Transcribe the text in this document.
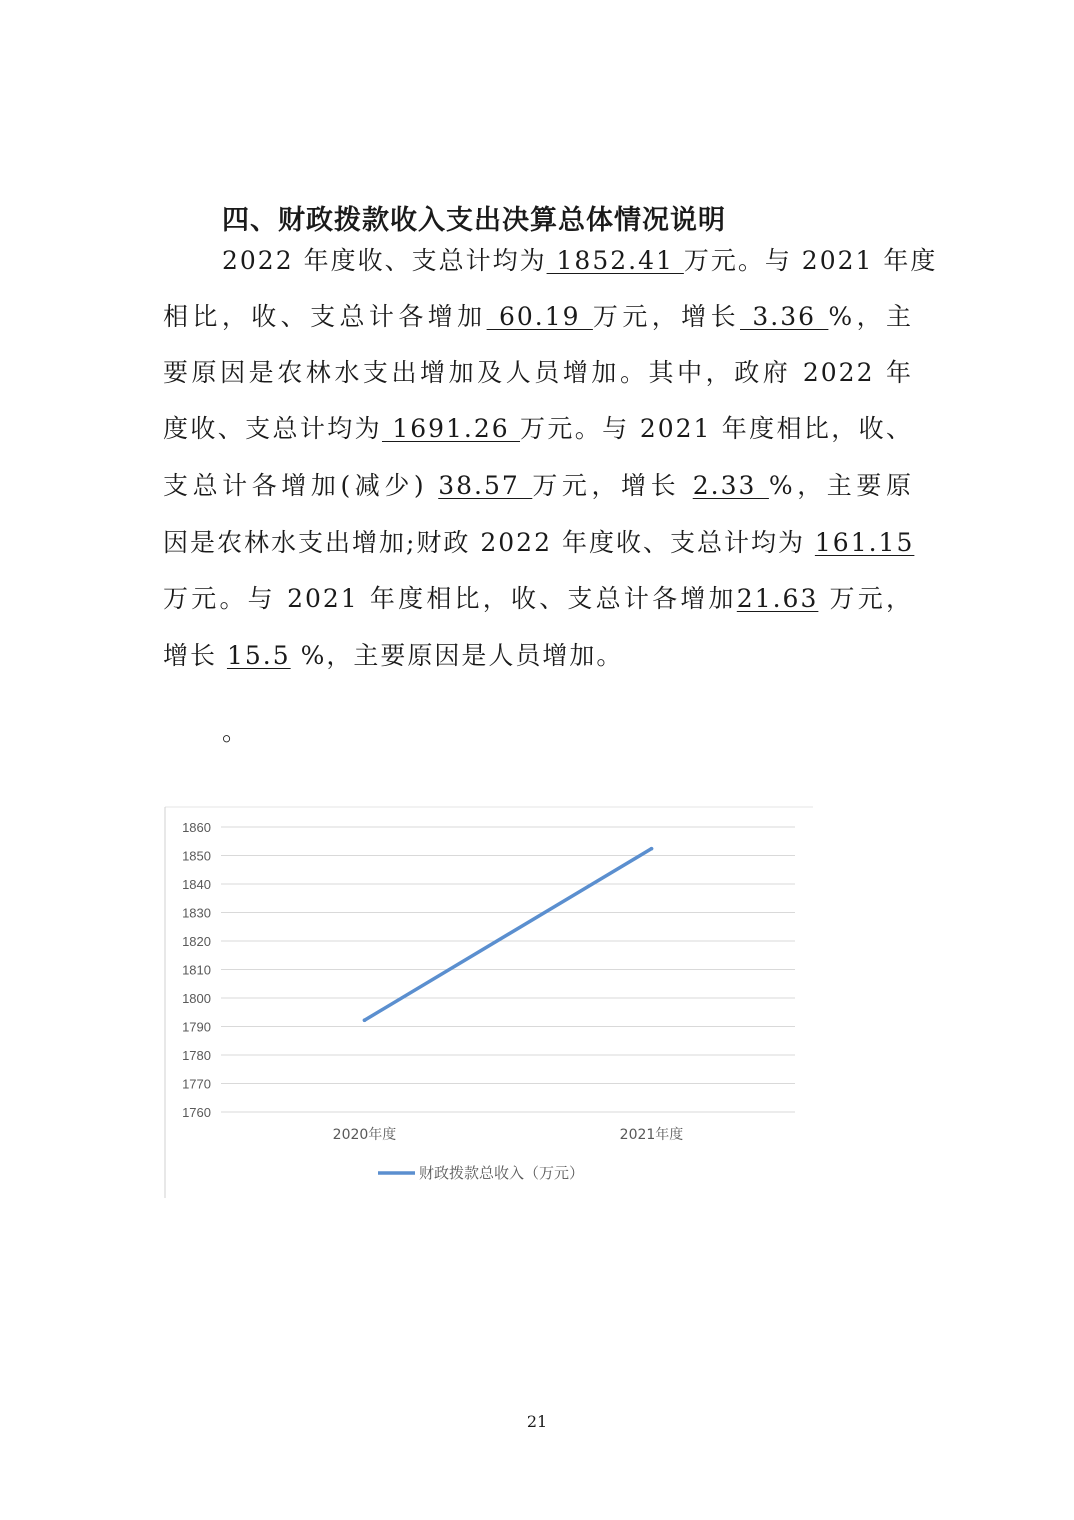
四、财政拨款收入支出决算总体情况说明
2022 年度收、支总计均为 1852.41 万元。与 2021 年度
相比，收、支总计各增加 60.19 万元，增长 3.36 %，主
要原因是农林水支出增加及人员增加。其中，政府 2022 年
度收、支总计均为 1691.26 万元。与 2021 年度相比，收、
支总计各增加(减少) 38.57 万元，增长 2.33 %，主要原
因是农林水支出增加;财政 2022 年度收、支总计均为 161.15
万元。与 2021 年度相比，收、支总计各增加21.63 万元，
增长 15.5 %，主要原因是人员增加。
。
1860
1850
1840
1830
1820
1810
1800
1790
1780
1770
1760
2020年度	2021年度
财政拨款总收入（万元）
21
